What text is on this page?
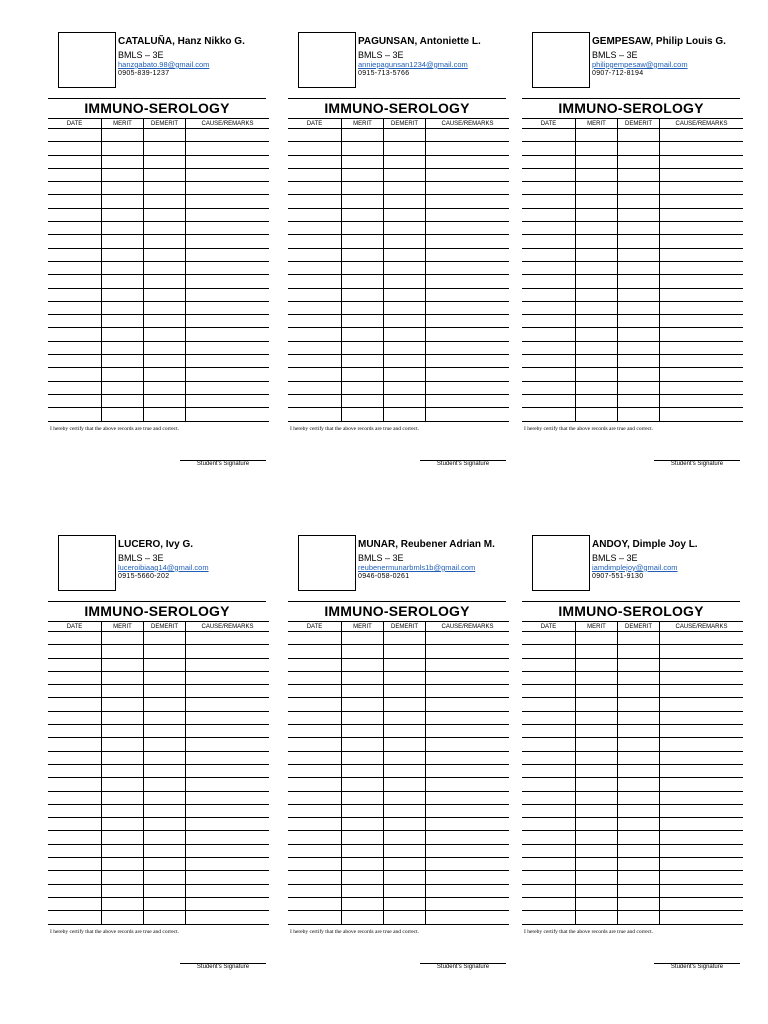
CATALUÑA, Hanz Nikko G.
BMLS – 3E
hanzgabato.98@gmail.com
0905-839-1237
IMMUNO-SEROLOGY
DATE	MERIT	DEMERIT	CAUSE/REMARKS

I hereby certify that the above records are true and correct.
Student's Signature
PAGUNSAN, Antoniette L.
BMLS – 3E
anniepagunsan1234@gmail.com
0915-713-5766
IMMUNO-SEROLOGY
DATE	MERIT	DEMERIT	CAUSE/REMARKS

I hereby certify that the above records are true and correct.
Student's Signature
GEMPESAW, Philip Louis G.
BMLS – 3E
philipgempesaw@gmail.com
0907-712-8194
IMMUNO-SEROLOGY
DATE	MERIT	DEMERIT	CAUSE/REMARKS

I hereby certify that the above records are true and correct.
Student's Signature
LUCERO, Ivy G.
BMLS – 3E
luceroibiaag14@gmail.com
0915-5660-202
IMMUNO-SEROLOGY
DATE	MERIT	DEMERIT	CAUSE/REMARKS

I hereby certify that the above records are true and correct.
Student's Signature
MUNAR, Reubener Adrian M.
BMLS – 3E
reubenermunarbmls1b@gmail.com
0946-058-0261
IMMUNO-SEROLOGY
DATE	MERIT	DEMERIT	CAUSE/REMARKS

I hereby certify that the above records are true and correct.
Student's Signature
ANDOY, Dimple Joy L.
BMLS – 3E
iamdimplejoy@gmail.com
0907-551-9130
IMMUNO-SEROLOGY
DATE	MERIT	DEMERIT	CAUSE/REMARKS

I hereby certify that the above records are true and correct.
Student's Signature
